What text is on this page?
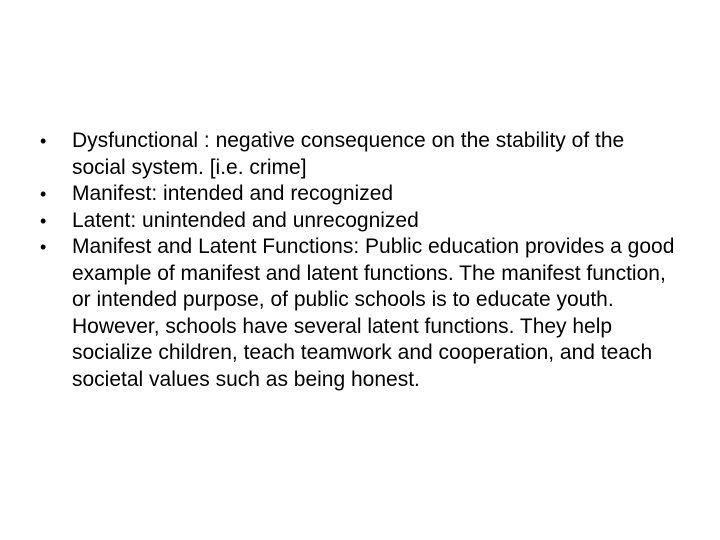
•	Dysfunctional : negative consequence on the stability of the social system. [i.e. crime]
•	Manifest: intended and recognized
•	Latent: unintended and unrecognized
•	Manifest and Latent Functions: Public education provides a good example of manifest and latent functions. The manifest function, or intended purpose, of public schools is to educate youth. However, schools have several latent functions. They help socialize children, teach teamwork and cooperation, and teach societal values such as being honest.
